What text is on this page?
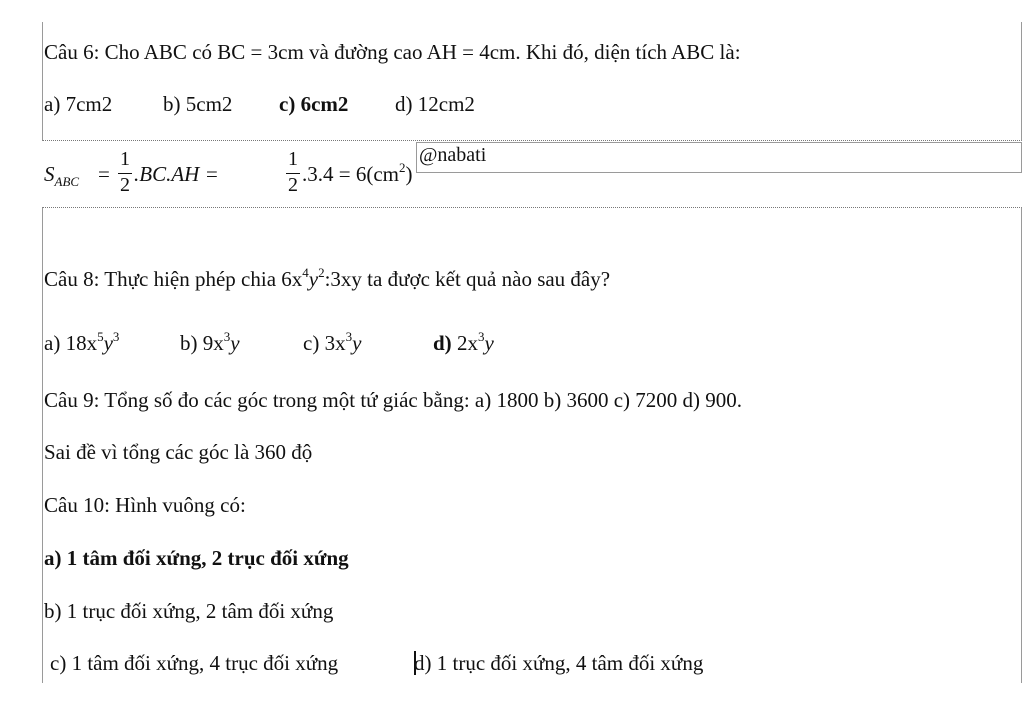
Câu 6: Cho ABC có BC = 3cm và đường cao AH = 4cm. Khi đó, diện tích ABC là:
a) 7cm2 b) 5cm2 c) 6cm2 d) 12cm2
$S_{ABC}$ =
1
2 .BC.AH =
1
2 $.3.4 = 6(cm^2)$
@nabati
Câu 8: Thực hiện phép chia $6x^4y^2:3xy$ ta được kết quả nào sau đây?
a) $18x^5y^3$	b) $9x^3y$	c) $3x^3y$	d) $2x^3y$
Câu 9: Tổng số đo các góc trong một tứ giác bằng: a) 1800 b) 3600 c) 7200 d) 900.
Sai đề vì tổng các góc là 360 độ
Câu 10: Hình vuông có:
a) 1 tâm đối xứng, 2 trục đối xứng
b) 1 trục đối xứng, 2 tâm đối xứng
c) 1 tâm đối xứng, 4 trục đối xứng	d) 1 trục đối xứng, 4 tâm đối xứng
